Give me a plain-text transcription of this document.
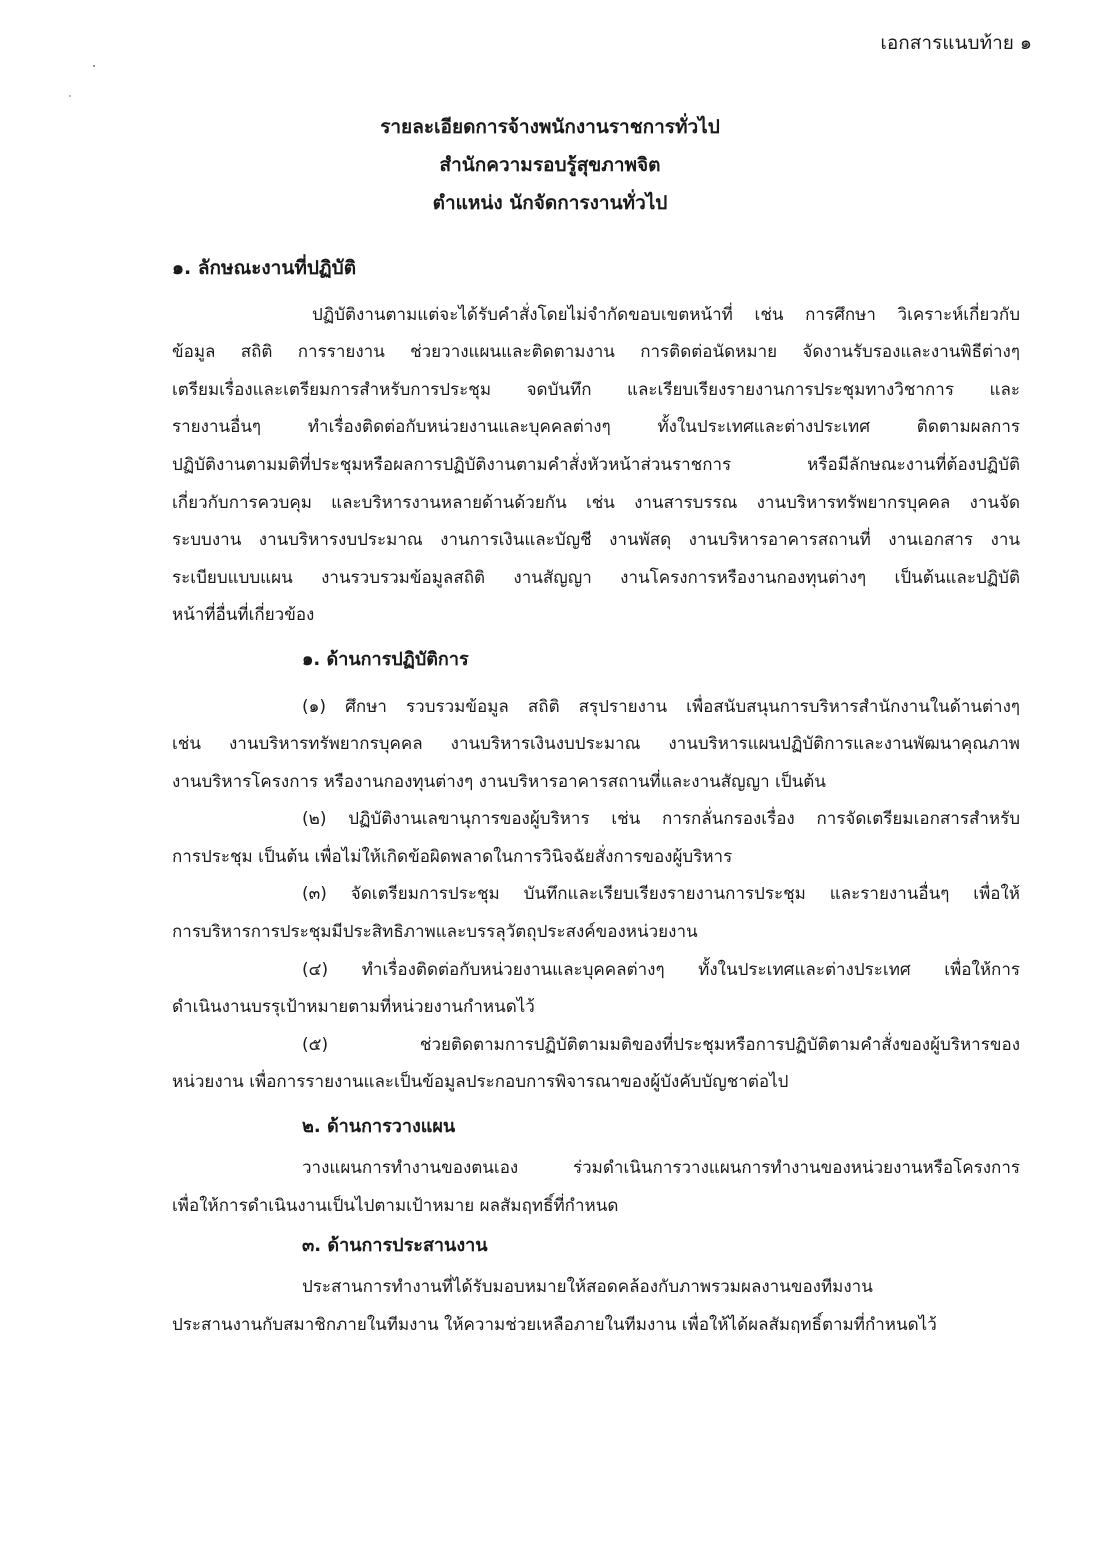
เอกสารแนบท้าย ๑
รายละเอียดการจ้างพนักงานราชการทั่วไป
สำนักความรอบรู้สุขภาพจิต
ตำแหน่ง นักจัดการงานทั่วไป
๑. ลักษณะงานที่ปฏิบัติ
ปฏิบัติงานตามแต่จะได้รับคำสั่งโดยไม่จำกัดขอบเขตหน้าที่ เช่น การศึกษา วิเคราะห์เกี่ยวกับ
ข้อมูล สถิติ การรายงาน ช่วยวางแผนและติดตามงาน การติดต่อนัดหมาย จัดงานรับรองและงานพิธีต่างๆ
เตรียมเรื่องและเตรียมการสำหรับการประชุม จดบันทึก และเรียบเรียงรายงานการประชุมทางวิชาการ และ
รายงานอื่นๆ ทำเรื่องติดต่อกับหน่วยงานและบุคคลต่างๆ ทั้งในประเทศและต่างประเทศ ติดตามผลการ
ปฏิบัติงานตามมติที่ประชุมหรือผลการปฏิบัติงานตามคำสั่งหัวหน้าส่วนราชการ หรือมีลักษณะงานที่ต้องปฏิบัติ
เกี่ยวกับการควบคุม และบริหารงานหลายด้านด้วยกัน เช่น งานสารบรรณ งานบริหารทรัพยากรบุคคล งานจัด
ระบบงาน งานบริหารงบประมาณ งานการเงินและบัญชี งานพัสดุ งานบริหารอาคารสถานที่ งานเอกสาร งาน
ระเบียบแบบแผน งานรวบรวมข้อมูลสถิติ งานสัญญา งานโครงการหรืองานกองทุนต่างๆ เป็นต้นและปฏิบัติ
หน้าที่อื่นที่เกี่ยวข้อง
๑. ด้านการปฏิบัติการ
(๑) ศึกษา รวบรวมข้อมูล สถิติ สรุปรายงาน เพื่อสนับสนุนการบริหารสำนักงานในด้านต่างๆ
เช่น งานบริหารทรัพยากรบุคคล งานบริหารเงินงบประมาณ งานบริหารแผนปฏิบัติการและงานพัฒนาคุณภาพ
งานบริหารโครงการ หรืองานกองทุนต่างๆ งานบริหารอาคารสถานที่และงานสัญญา เป็นต้น
(๒) ปฏิบัติงานเลขานุการของผู้บริหาร เช่น การกลั่นกรองเรื่อง การจัดเตรียมเอกสารสำหรับ
การประชุม เป็นต้น เพื่อไม่ให้เกิดข้อผิดพลาดในการวินิจฉัยสั่งการของผู้บริหาร
(๓) จัดเตรียมการประชุม บันทึกและเรียบเรียงรายงานการประชุม และรายงานอื่นๆ เพื่อให้
การบริหารการประชุมมีประสิทธิภาพและบรรลุวัตถุประสงค์ของหน่วยงาน
(๔) ทำเรื่องติดต่อกับหน่วยงานและบุคคลต่างๆ ทั้งในประเทศและต่างประเทศ เพื่อให้การ
ดำเนินงานบรรุเป้าหมายตามที่หน่วยงานกำหนดไว้
(๕) ช่วยติดตามการปฏิบัติตามมติของที่ประชุมหรือการปฏิบัติตามคำสั่งของผู้บริหารของ
หน่วยงาน เพื่อการรายงานและเป็นข้อมูลประกอบการพิจารณาของผู้บังคับบัญชาต่อไป
๒. ด้านการวางแผน
วางแผนการทำงานของตนเอง ร่วมดำเนินการวางแผนการทำงานของหน่วยงานหรือโครงการ
เพื่อให้การดำเนินงานเป็นไปตามเป้าหมาย ผลสัมฤทธิ์ที่กำหนด
๓. ด้านการประสานงาน
ประสานการทำงานที่ได้รับมอบหมายให้สอดคล้องกับภาพรวมผลงานของทีมงาน
ประสานงานกับสมาชิกภายในทีมงาน ให้ความช่วยเหลือภายในทีมงาน เพื่อให้ได้ผลสัมฤทธิ์ตามที่กำหนดไว้
